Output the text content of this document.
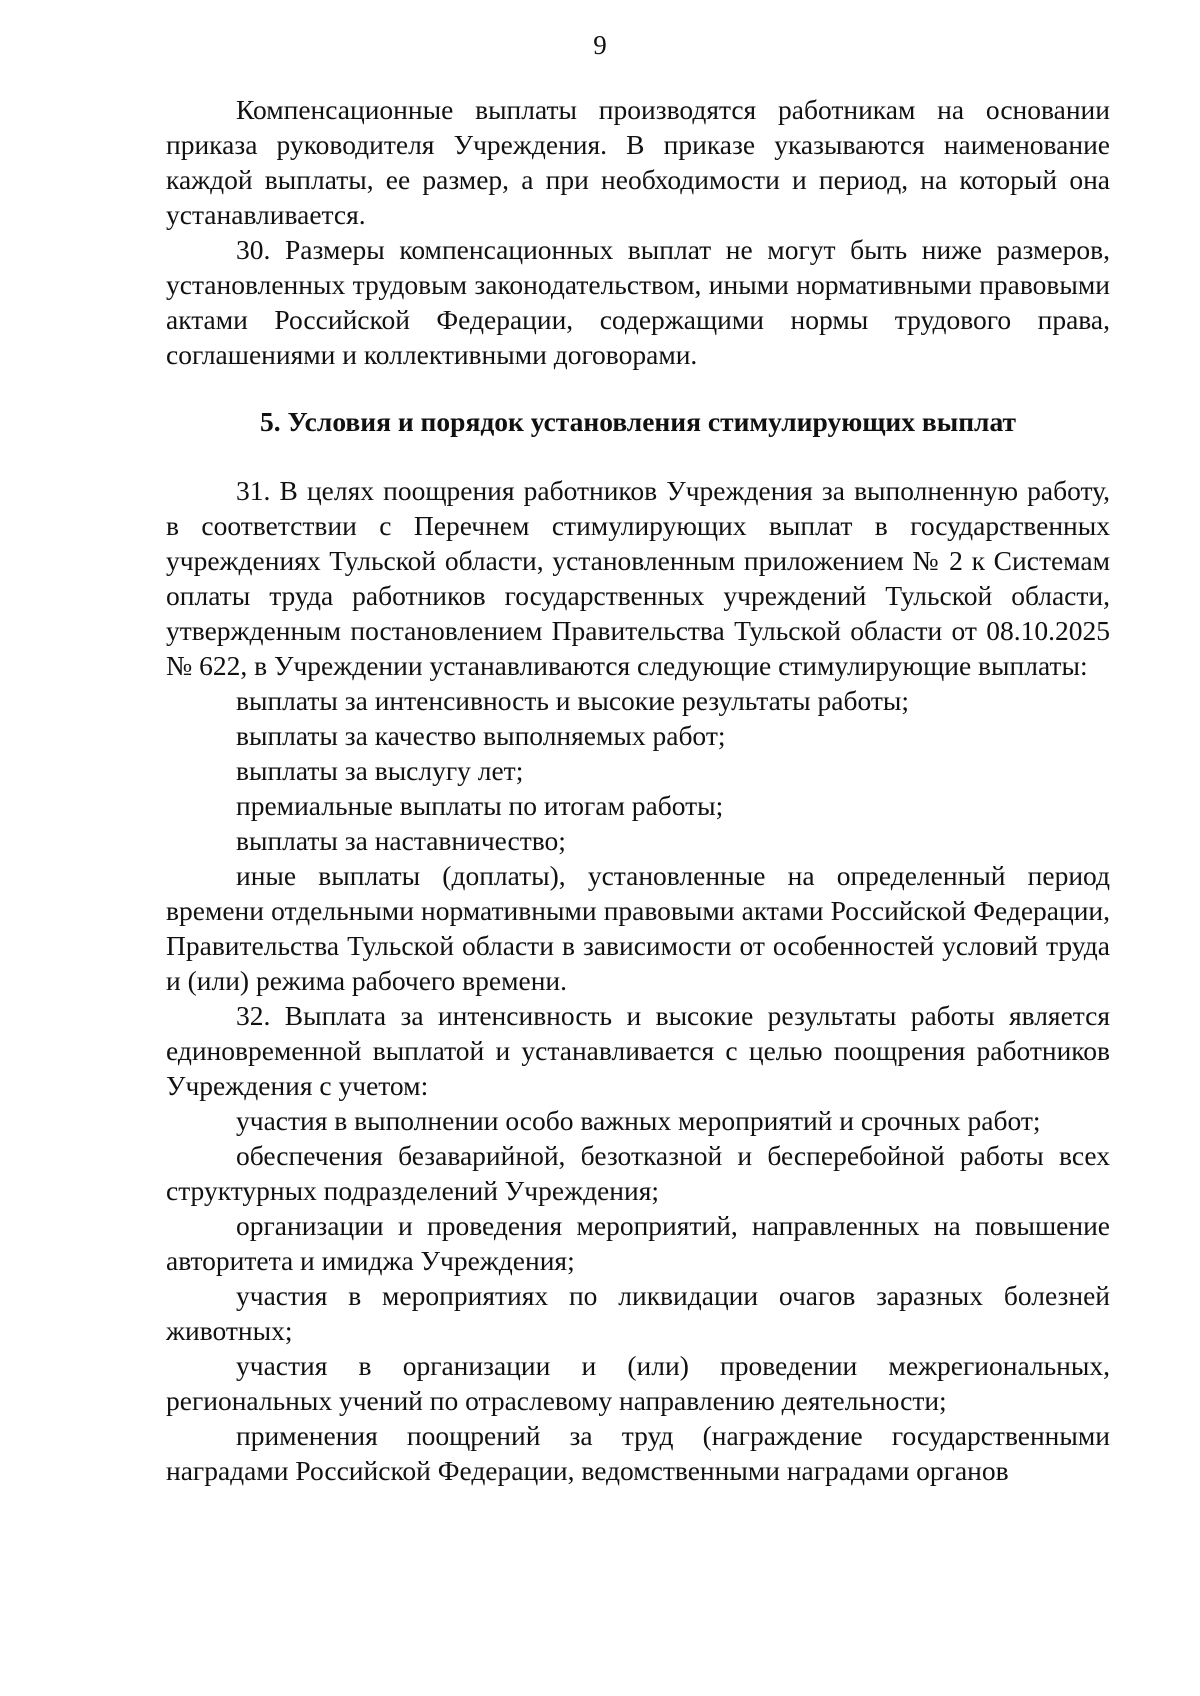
9

Компенсационные выплаты производятся работникам на основании приказа руководителя Учреждения. В приказе указываются наименование каждой выплаты, ее размер, а при необходимости и период, на который она устанавливается.

30. Размеры компенсационных выплат не могут быть ниже размеров, установленных трудовым законодательством, иными нормативными правовыми актами Российской Федерации, содержащими нормы трудового права, соглашениями и коллективными договорами.

5. Условия и порядок установления стимулирующих выплат

31. В целях поощрения работников Учреждения за выполненную работу, в соответствии с Перечнем стимулирующих выплат в государственных учреждениях Тульской области, установленным приложением № 2 к Системам оплаты труда работников государственных учреждений Тульской области, утвержденным постановлением Правительства Тульской области от 08.10.2025 № 622, в Учреждении устанавливаются следующие стимулирующие выплаты:

выплаты за интенсивность и высокие результаты работы;

выплаты за качество выполняемых работ;

выплаты за выслугу лет;

премиальные выплаты по итогам работы;

выплаты за наставничество;

иные выплаты (доплаты), установленные на определенный период времени отдельными нормативными правовыми актами Российской Федерации, Правительства Тульской области в зависимости от особенностей условий труда и (или) режима рабочего времени.

32. Выплата за интенсивность и высокие результаты работы является единовременной выплатой и устанавливается с целью поощрения работников Учреждения с учетом:

участия в выполнении особо важных мероприятий и срочных работ;

обеспечения безаварийной, безотказной и бесперебойной работы всех структурных подразделений Учреждения;

организации и проведения мероприятий, направленных на повышение авторитета и имиджа Учреждения;

участия в мероприятиях по ликвидации очагов заразных болезней животных;

участия в организации и (или) проведении межрегиональных, региональных учений по отраслевому направлению деятельности;

применения поощрений за труд (награждение государственными наградами Российской Федерации, ведомственными наградами органов
